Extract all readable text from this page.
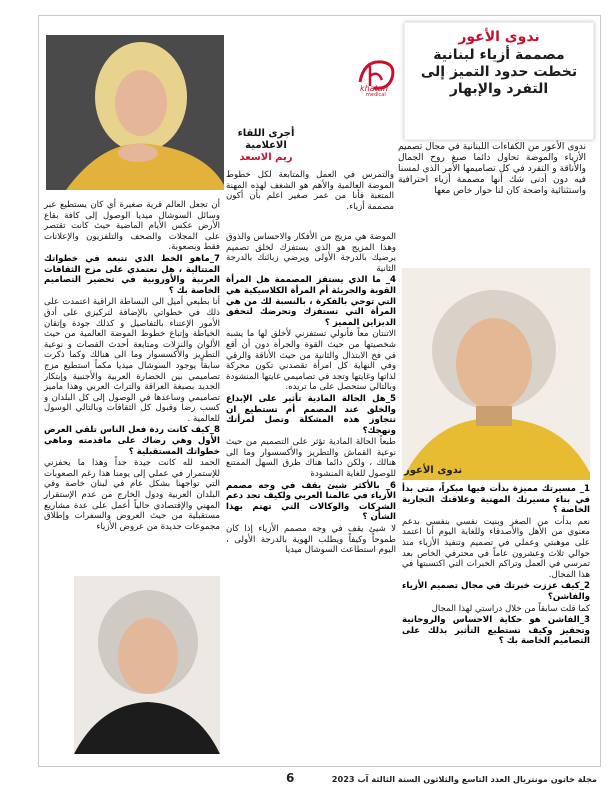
khatun
medical
ندوى الأعور
مصممة أزياء لبنانية تخطت حدود التميز إلى التفرد والإبهار

ندوى الأعور من الكفاءات اللبنانية في مجال تصميم الأزياء والموضة تحاول دائما صبغ روح الجمال والأناقة و التفرد في كل تصاميمها الأمر الذي لمسنا فيه دون أدنى شك أنها مصممة أزياء احترافية واستثنائية واضحة كان لنا حوار خاص معها

أجرى اللقاء الاعلامية
ريم الاسعد

والتمرس في العمل والمتابعة لكل خطوط الموضة العالمية والأهم هو الشغف لهذه المهنة المتعبة فأنا من عمر صغير اعلم بأن أكون مصممة أزياء.

ندوى الأعور

1_ مسيرتك مميزة بدأت فيها مبكراً، متى بدأ في بناء مسيرتك المهنية وعلاقتك التجارية الخاصة ؟

نعم بدأت من الصغر وبنيت نفسي بنفسي بدعم معنوي من الأهل والأصدقاء وللغاية اليوم أنا اعتمد على موهبتي وعملي في تصميم وتنفيذ الأزياء منذ حوالي ثلاث وعشرون عاماً في محترفي الخاص بعد تمرسي في العمل وتراكم الخبرات التي اكتسبتها في هذا المجال.

2_كيف عززت خبرتك في مجال تصميم الأزياء والفاشن؟

كما قلت سابقاً من خلال دراستي لهذا المجال

3_الفاشن هو حكاية الاحساس والروحانية وتحفيز وكيف تستطيع التأثير بذلك على التصاميم الخاصة بك ؟

الموضة هي مزيج من الأفكار والاحساس والذوق وهذا المزيج هو الذي يستفزك لخلق تصميم يرضيك بالدرجة الأولى ويرضي زبائنك بالدرجة الثانية

4_ ما الذي يستفز المصممة هل المرأة القوية والجريئة أم المرأة الكلاسيكية هي التي توحي بالفكرة ، بالنسبة لك من هي المرأة التي تستفزك وتحرضك لتحقق الديزاين المميز ؟

الاتنتان معاً فأنولي تستفزني لأخلق لها ما يشبه شخصيتها من حيث القوة والجرأة دون أن أقع في فخ الابتذال والثانية من حيث الأناقة والرقي وفي النهاية كل امرأة تقصدني تكون محركة لذاتها وغايتها وتجد في تصاميمي غايتها المنشودة وبالتالي ستحصل على ما تريده.

5_هل الحالة المادية تأثير على الإبداع والخلق عند المصمم أم تستطيع ان تتجاوز هذه المشكلة وتصل لمرأتك ونهجك؟

طبعاً الحالة المادية تؤثر على التصميم من حيث نوعية القماش والتطريز والأكسسوار وما الى هنالك ، ولكن دائما هناك طرق السهل الممتنع للوصول للغاية المنشودة

6_ بالأكثر شيئ يقف في وجه مصمم الأزياء في عالمنا العربي ولكيف تجد دعم الشركات والوكالات التي تهتم بهذا الشأن ؟

لا شيئ يقف في وجه مصمم الأزياء إذا كان طموحاً وكيفاً ويطلب الهوية بالدرجة الأولى ، اليوم استطاعت السوشال ميديا

أن تجعل العالم قرية صغيرة أي كان يستطيع عبر وسائل السوشال ميديا الوصول إلى كافة بقاع الأرض عكس الأيام الماضية حيث كانت تقتصر على المجلات والصحف والتلفزيون والإعلانات فقط وبصعوبة.

7_ماهو الخط الذي تتبعه في خطواتك المتتالية ، هل تعتمدي على مزج الثقافات العربية والأوروبية في تحضير التصاميم الخاصة بك ؟

أنا بطبعي أميل الى البساطة الراقية اعتمدت على ذلك في خطواتي بالإضافة لتركيزي على أدق الأمور الإعتناء بالتفاصيل و كذلك جودة وإتقان الخياطة وإتباع خطوط الموضة العالمية من حيث الألوان والنزلات ومتابعة أحدث القصات و نوعية التطريز والأكسسوار وما الى هنالك وكما ذكرت سابقاً يوجود السوشال ميديا مكماً استطيع مزج تصاميمي بين الحضارة العربية والأجنبية وإبتكار الجديد بصبغة العراقة والتراث العربي وهذا ماميز تصاميمي وساعدها في الوصول إلى كل البلدان و كسب رضا وقبول كل الثقافات وبالتالي الوسول للعالمية .

8_كيف كانت ردة فعل الناس تلقي العرض الأول وهي رضاك على ماقدمته وماهي خطواتك المستقبلية ؟

الحمد لله كانت جيدة جداً وهذا ما يحفزني للإستمرار في عملي إلى يومنا هذا رغم الصعوبات التي تواجهنا بشكل عام في لبنان خاصة وفي البلدان العربية ودول الخارج من عدم الإستقرار المهني والإقتصادي حالياً أعمل على عدة مشاريع مستقبلية من حيث العروض والسفرات وإطلاق مجموعات جديدة من عروض الأزياء

مجلة خاتون مونتريال العدد التاسع والثلاثون السنة الثالثة آب 2023
6
